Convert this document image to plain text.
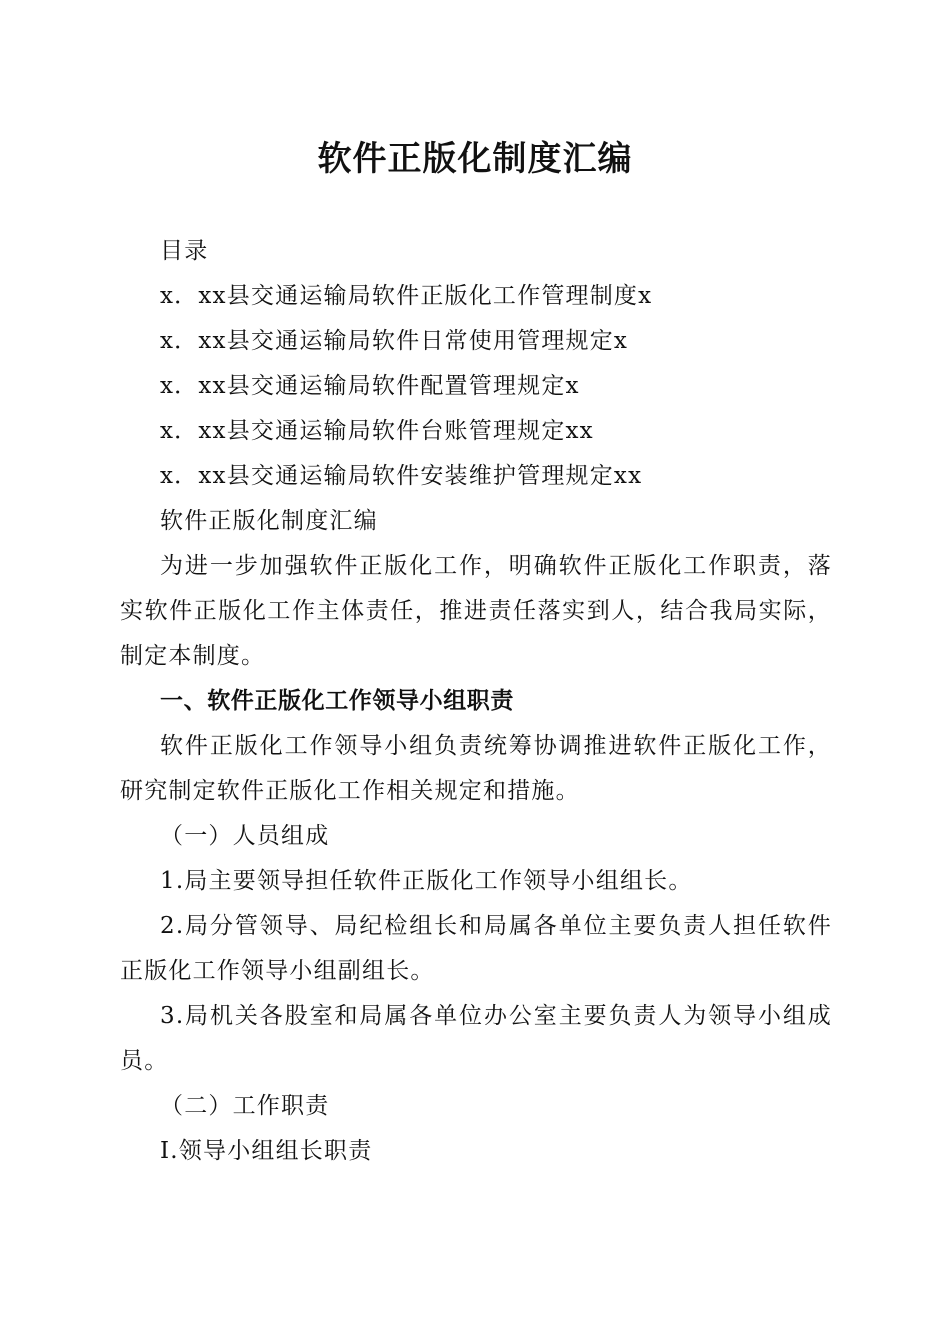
软件正版化制度汇编

目录

x．xx县交通运输局软件正版化工作管理制度x

x．xx县交通运输局软件日常使用管理规定x

x．xx县交通运输局软件配置管理规定x

x．xx县交通运输局软件台账管理规定xx

x．xx县交通运输局软件安装维护管理规定xx

软件正版化制度汇编

为进一步加强软件正版化工作，明确软件正版化工作职责，落实软件正版化工作主体责任，推进责任落实到人，结合我局实际，制定本制度。

一、软件正版化工作领导小组职责

软件正版化工作领导小组负责统筹协调推进软件正版化工作，研究制定软件正版化工作相关规定和措施。

（一）人员组成

1.局主要领导担任软件正版化工作领导小组组长。

2.局分管领导、局纪检组长和局属各单位主要负责人担任软件正版化工作领导小组副组长。

3.局机关各股室和局属各单位办公室主要负责人为领导小组成员。

（二）工作职责

I.领导小组组长职责
